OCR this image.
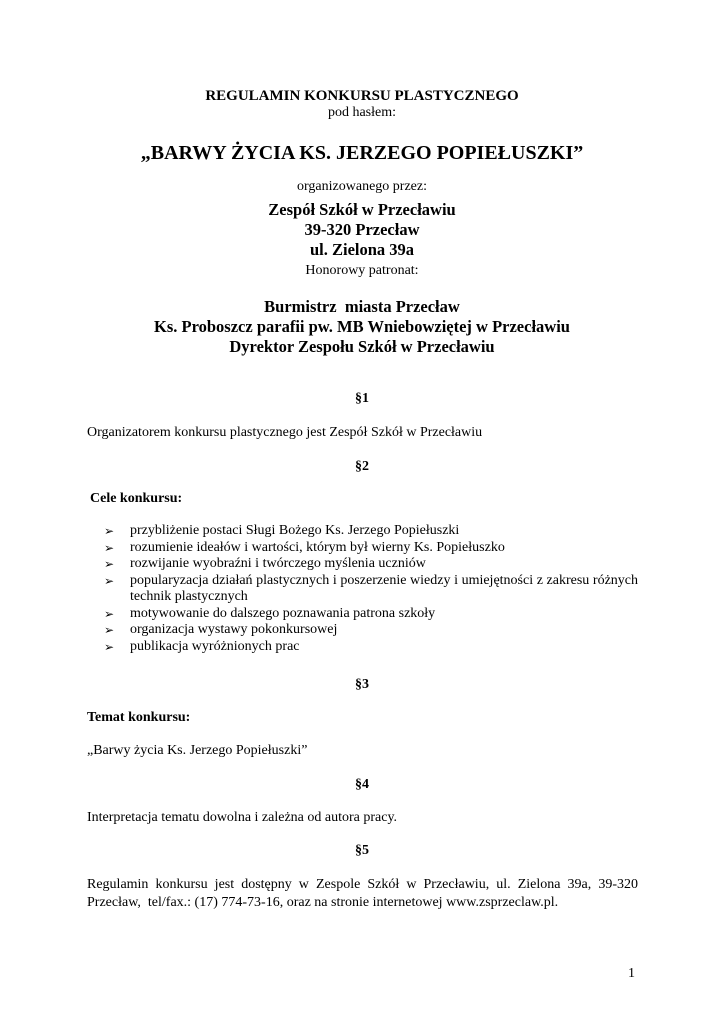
REGULAMIN KONKURSU PLASTYCZNEGO
pod hasłem:
„BARWY ŻYCIA KS. JERZEGO POPIEŁUSZKI”
organizowanego przez:
Zespół Szkół w Przecławiu
39-320 Przecław
ul. Zielona 39a
Honorowy patronat:
Burmistrz  miasta Przecław
Ks. Proboszcz parafii pw. MB Wniebowziętej w Przecławiu
Dyrektor Zespołu Szkół w Przecławiu
§1
Organizatorem konkursu plastycznego jest Zespół Szkół w Przecławiu
§2
Cele konkursu:
➢ przybliżenie postaci Sługi Bożego Ks. Jerzego Popiełuszki
➢ rozumienie ideałów i wartości, którym był wierny Ks. Popiełuszko
➢ rozwijanie wyobraźni i twórczego myślenia uczniów
➢ popularyzacja działań plastycznych i poszerzenie wiedzy i umiejętności z zakresu różnych technik plastycznych
➢ motywowanie do dalszego poznawania patrona szkoły
➢ organizacja wystawy pokonkursowej
➢ publikacja wyróżnionych prac
§3
Temat konkursu:
„Barwy życia Ks. Jerzego Popiełuszki”
§4
Interpretacja tematu dowolna i zależna od autora pracy.
§5
Regulamin konkursu jest dostępny w Zespole Szkół w Przecławiu, ul. Zielona 39a, 39-320 Przecław,  tel/fax.: (17) 774-73-16, oraz na stronie internetowej www.zsprzeclaw.pl.
1
